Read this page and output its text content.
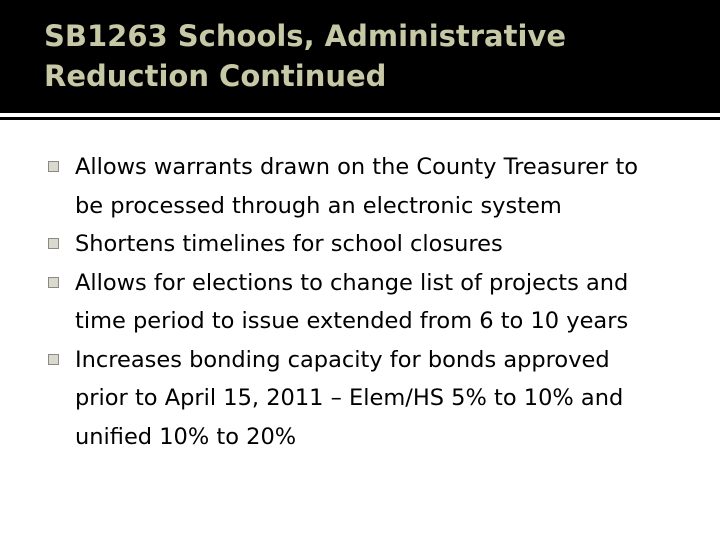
SB1263 Schools, Administrative
Reduction Continued
Allows warrants drawn on the County Treasurer to be processed through an electronic system
Shortens timelines for school closures
Allows for elections to change list of projects and time period to issue extended from 6 to 10 years
Increases bonding capacity for bonds approved prior to April 15, 2011 – Elem/HS 5% to 10% and unified 10% to 20%
